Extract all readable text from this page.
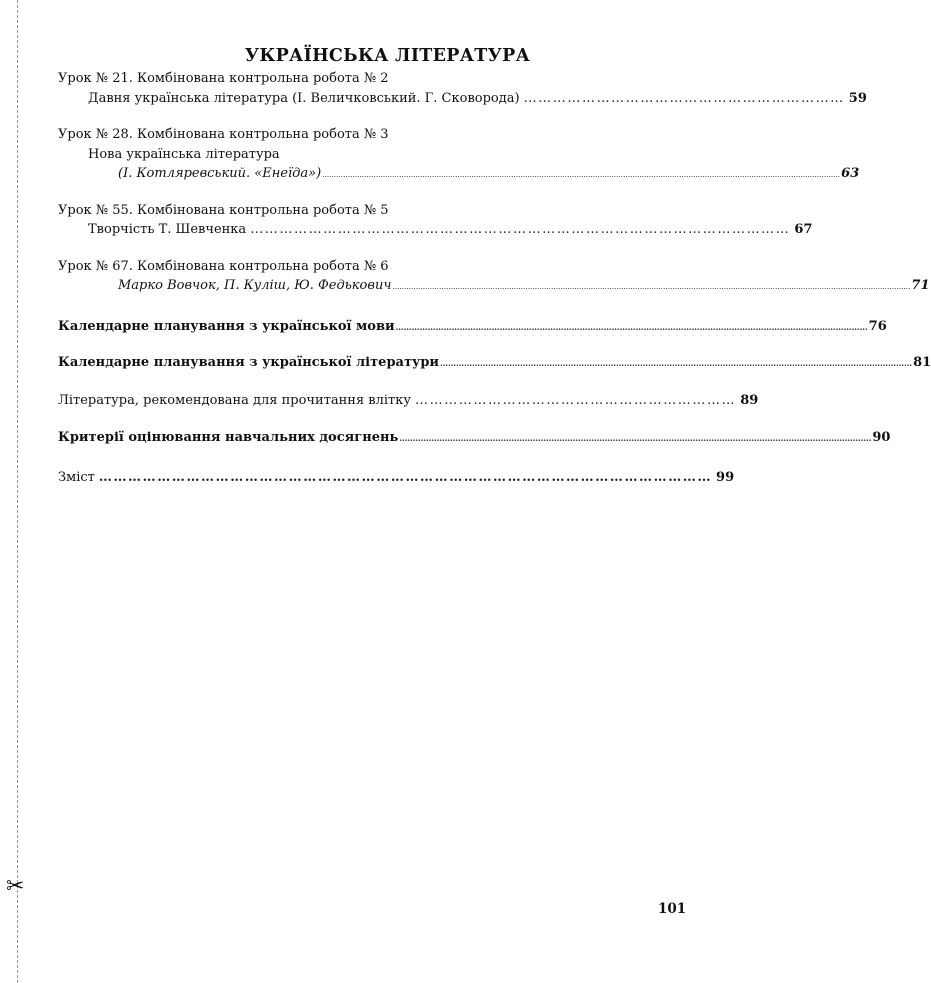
✂
УКРАЇНСЬКА ЛІТЕРАТУРА
Урок № 21. Комбінована контрольна робота № 2
Давня українська література (І. Величковський. Г. Сковорода) ………………………………………………………… 59
Урок № 28. Комбінована контрольна робота № 3
Нова українська література
(І. Котляревський. «Енеїда») …………………………………………………………………………………………………………………………………………………………………………………………………… 63
Урок № 55. Комбінована контрольна робота № 5
Творчість Т. Шевченка ………………………………………………………………………………………………… 67
Урок № 67. Комбінована контрольна робота № 6
Марко Вовчок, П. Куліш, Ю. Федькович …………………………………………………………………………………………………………………………………………………………………………………………………… 71
Календарне планування з української мови …………………………………………………………………………………………………………………………………………………………… 76
Календарне планування з української літератури …………………………………………………………………………………………………………………………………………………………… 81
Література, рекомендована для прочитання влітку ………………………………………………………… 89
Критерії оцінювання навчальних досягнень …………………………………………………………………………………………………………………………………………………………… 90
Зміст ……………………………………………………………………………………………………………… 99
101
